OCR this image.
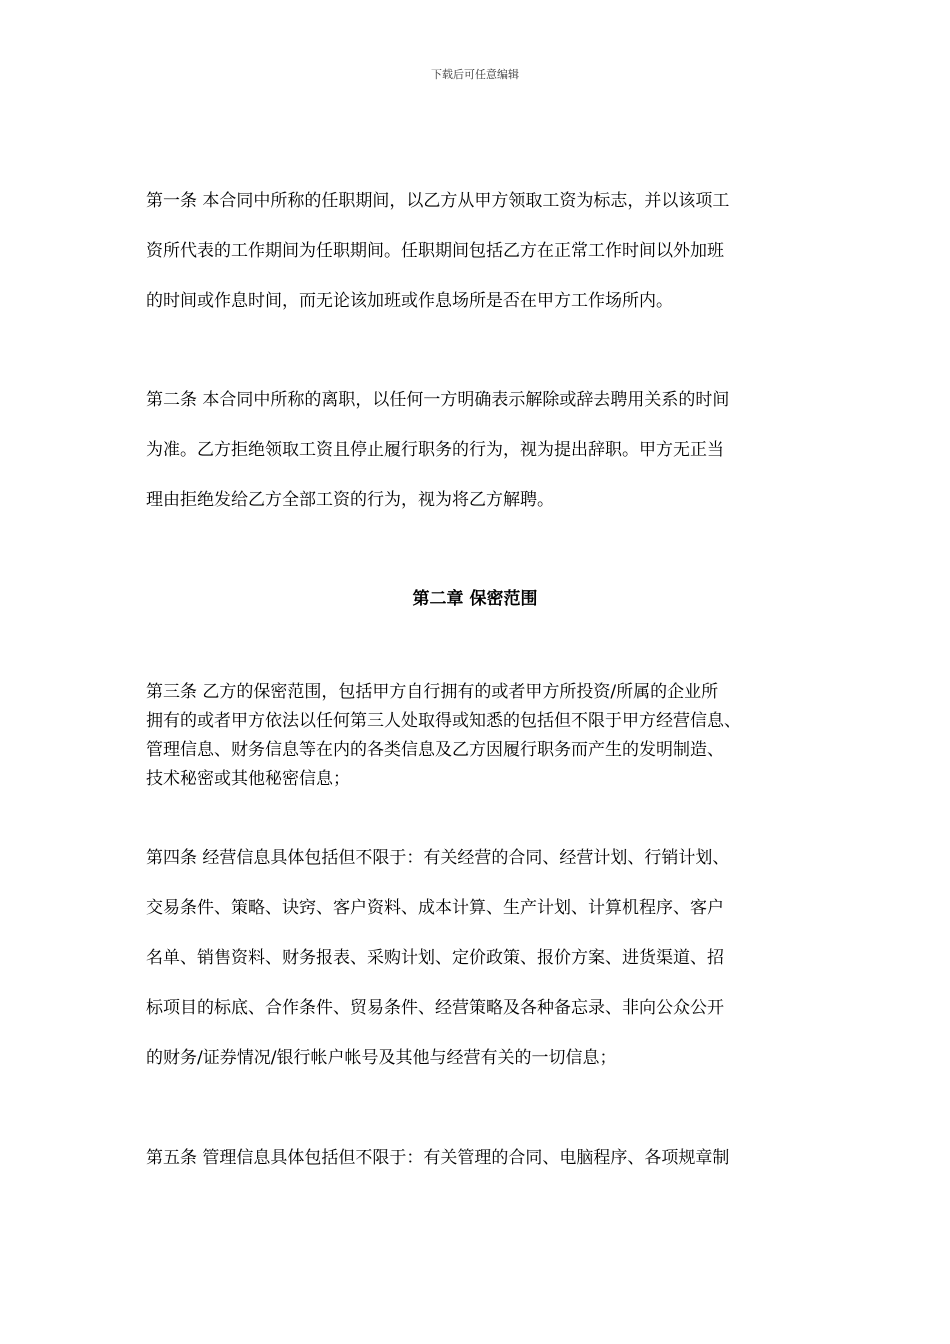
下载后可任意编辑
第一条 本合同中所称的任职期间，以乙方从甲方领取工资为标志，并以该项工
资所代表的工作期间为任职期间。任职期间包括乙方在正常工作时间以外加班
的时间或作息时间，而无论该加班或作息场所是否在甲方工作场所内。
第二条 本合同中所称的离职，以任何一方明确表示解除或辞去聘用关系的时间
为准。乙方拒绝领取工资且停止履行职务的行为，视为提出辞职。甲方无正当
理由拒绝发给乙方全部工资的行为，视为将乙方解聘。
第二章 保密范围
第三条 乙方的保密范围，包括甲方自行拥有的或者甲方所投资/所属的企业所
拥有的或者甲方依法以任何第三人处取得或知悉的包括但不限于甲方经营信息、
管理信息、财务信息等在内的各类信息及乙方因履行职务而产生的发明制造、
技术秘密或其他秘密信息；
第四条 经营信息具体包括但不限于：有关经营的合同、经营计划、行销计划、
交易条件、策略、诀窍、客户资料、成本计算、生产计划、计算机程序、客户
名单、销售资料、财务报表、采购计划、定价政策、报价方案、进货渠道、招
标项目的标底、合作条件、贸易条件、经营策略及各种备忘录、非向公众公开
的财务/证券情况/银行帐户帐号及其他与经营有关的一切信息；
第五条 管理信息具体包括但不限于：有关管理的合同、电脑程序、各项规章制
